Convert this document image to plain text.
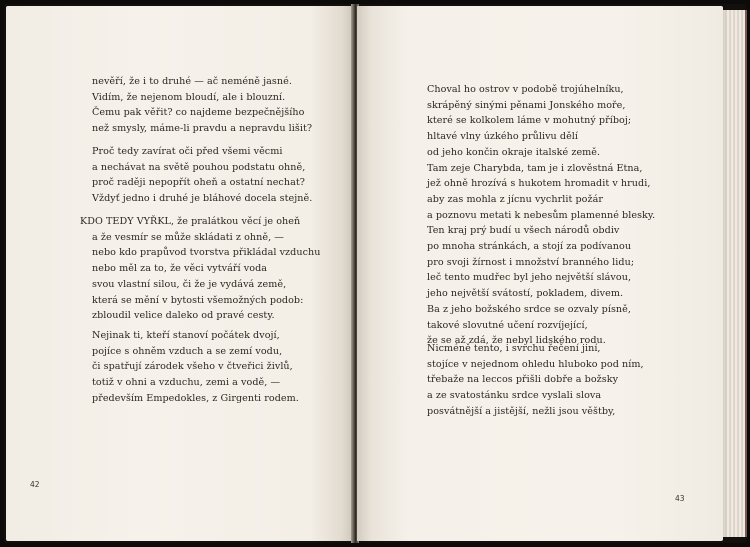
nevěří, že i to druhé — ač neméně jasné.
Vidím, že nejenom bloudí, ale i blouzní.
Čemu pak věřit? co najdeme bezpečnějšího
než smysly, máme-li pravdu a nepravdu lišit?
Proč tedy zavírat oči před všemi věcmi
a nechávat na světě pouhou podstatu ohně,
proč raději nepopřít oheň a ostatní nechat?
Vždyť jedno i druhé je bláhové docela stejně.
KDO TEDY VYŘKL, že pralátkou věcí je oheň
a že vesmír se může skládati z ohně, —
nebo kdo prapůvod tvorstva přikládal vzduchu
nebo měl za to, že věci vytváří voda
svou vlastní silou, či že je vydává země,
která se mění v bytosti všemožných podob:
zbloudil velice daleko od pravé cesty.
Nejinak ti, kteří stanoví počátek dvojí,
pojíce s ohněm vzduch a se zemí vodu,
či spatřují zárodek všeho v čtveřici živlů,
totiž v ohni a vzduchu, zemi a vodě, —
především Empedokles, z Girgenti rodem.
42
Choval ho ostrov v podobě trojúhelníku,
skrápěný sinými pěnami Jonského moře,
které se kolkolem láme v mohutný příboj;
hltavé vlny úzkého průlivu dělí
od jeho končin okraje italské země.
Tam zeje Charybda, tam je i zlověstná Etna,
jež ohně hrozívá s hukotem hromadit v hrudi,
aby zas mohla z jícnu vychrlit požár
a poznovu metati k nebesům plamenné blesky.
Ten kraj prý budí u všech národů obdiv
po mnoha stránkách, a stojí za podívanou
pro svoji žírnost i množství branného lidu;
leč tento mudřec byl jeho největší slávou,
jeho největší svátostí, pokladem, divem.
Ba z jeho božského srdce se ozvaly písně,
takové slovutné učení rozvíjející,
že se až zdá, že nebyl lidského rodu.
Nicméně tento, i svrchu řečení jiní,
stojíce v nejednom ohledu hluboko pod ním,
třebaže na leccos přišli dobře a božsky
a ze svatostánku srdce vyslali slova
posvátnější a jistější, nežli jsou věštby,
43
